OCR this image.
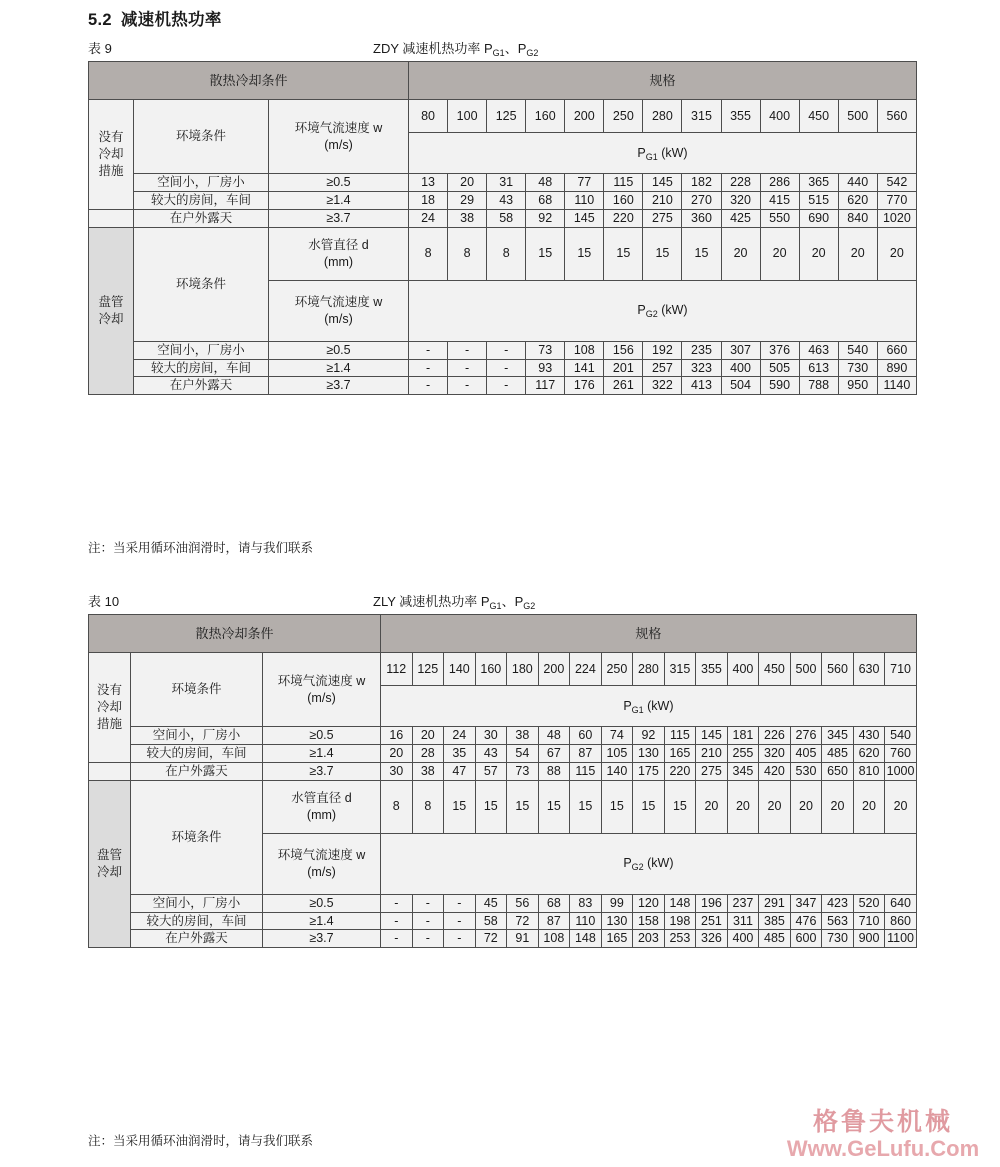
5.2 减速机热功率
表 9	ZDY 减速机热功率 $P_{G1}$、$P_{G2}$
散热冷却条件			规格												
没有
冷却
措施	环境条件	环境气流速度 w
(m/s)	80	100	125	160	200	250	280	315	355	400	450	500	560
			$P_{G1}$ (kW)												
	空间小，厂房小	≥0.5	13	20	31	48	77	115	145	182	228	286	365	440	542
	较大的房间，车间	≥1.4	18	29	43	68	110	160	210	270	320	415	515	620	770
	在户外露天	≥3.7	24	38	58	92	145	220	275	360	425	550	690	840	1020
盘管
冷却	环境条件	水管直径 d
(mm)	8	8	8	15	15	15	15	15	20	20	20	20	20
		环境气流速度 w
(m/s)	$P_{G2}$ (kW)												
	空间小，厂房小	≥0.5	-	-	-	73	108	156	192	235	307	376	463	540	660
	较大的房间，车间	≥1.4	-	-	-	93	141	201	257	323	400	505	613	730	890
	在户外露天	≥3.7	-	-	-	117	176	261	322	413	504	590	788	950	1140
注：当采用循环油润滑时，请与我们联系
表 10	ZLY 减速机热功率 $P_{G1}$、$P_{G2}$
散热冷却条件			规格																
没有
冷却
措施	环境条件	环境气流速度 w
(m/s)	112	125	140	160	180	200	224	250	280	315	355	400	450	500	560	630	710
			$P_{G1}$ (kW)																
	空间小，厂房小	≥0.5	16	20	24	30	38	48	60	74	92	115	145	181	226	276	345	430	540
	较大的房间，车间	≥1.4	20	28	35	43	54	67	87	105	130	165	210	255	320	405	485	620	760
	在户外露天	≥3.7	30	38	47	57	73	88	115	140	175	220	275	345	420	530	650	810	1000
盘管
冷却	环境条件	水管直径 d
(mm)	8	8	15	15	15	15	15	15	15	15	20	20	20	20	20	20	20
		环境气流速度 w
(m/s)	$P_{G2}$ (kW)																
	空间小，厂房小	≥0.5	-	-	-	45	56	68	83	99	120	148	196	237	291	347	423	520	640
	较大的房间，车间	≥1.4	-	-	-	58	72	87	110	130	158	198	251	311	385	476	563	710	860
	在户外露天	≥3.7	-	-	-	72	91	108	148	165	203	253	326	400	485	600	730	900	1100
注：当采用循环油润滑时，请与我们联系
格鲁夫机械
Www.GeLufu.Com
